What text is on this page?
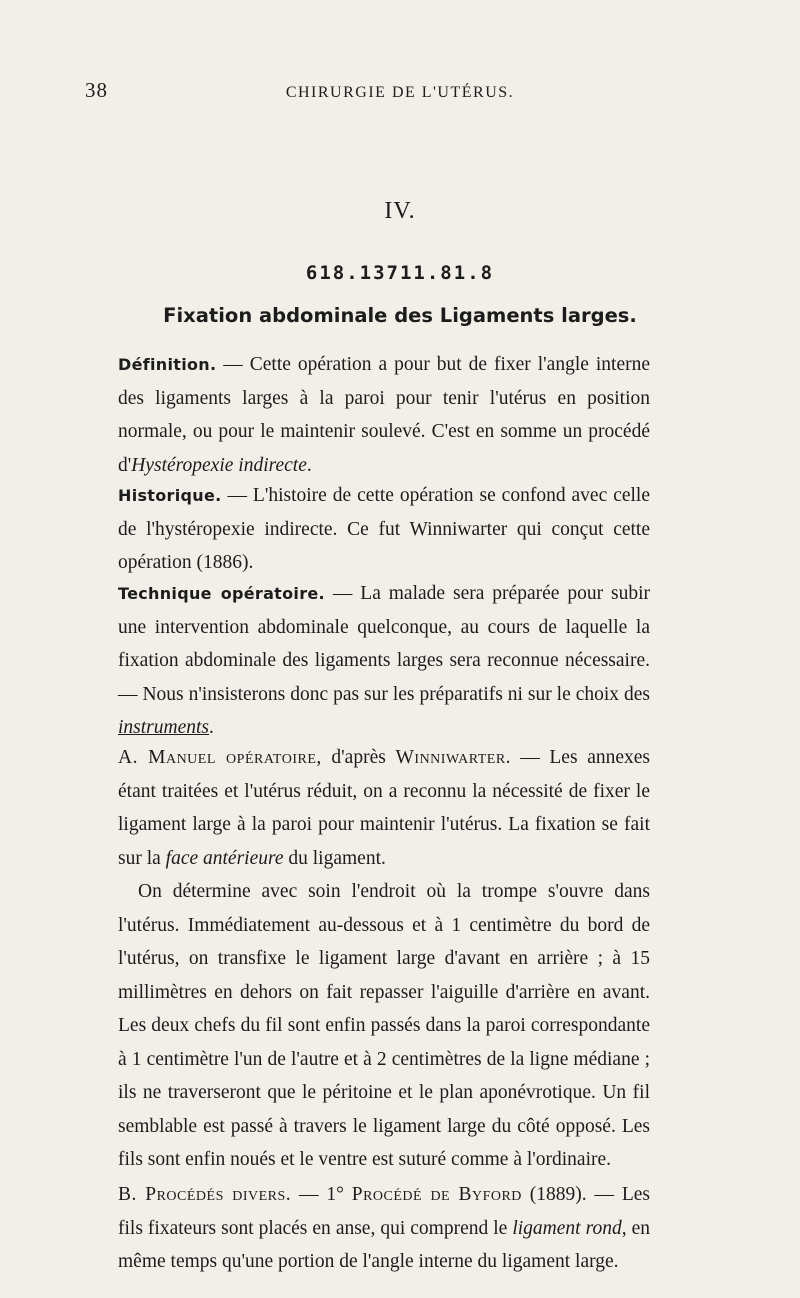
38	CHIRURGIE DE L'UTÉRUS.
IV.
618.13711.81.8
Fixation abdominale des Ligaments larges.

Définition. — Cette opération a pour but de fixer l'angle interne des ligaments larges à la paroi pour tenir l'utérus en position normale, ou pour le maintenir soulevé. C'est en somme un procédé d'Hystéropexie indirecte.

Historique. — L'histoire de cette opération se confond avec celle de l'hystéropexie indirecte. Ce fut Winniwarter qui conçut cette opération (1886).

Technique opératoire. — La malade sera préparée pour subir une intervention abdominale quelconque, au cours de laquelle la fixation abdominale des ligaments larges sera reconnue nécessaire. — Nous n'insisterons donc pas sur les préparatifs ni sur le choix des instruments.

A. Manuel opératoire, d'après Winniwarter. — Les annexes étant traitées et l'utérus réduit, on a reconnu la nécessité de fixer le ligament large à la paroi pour maintenir l'utérus. La fixation se fait sur la face antérieure du ligament.

On détermine avec soin l'endroit où la trompe s'ouvre dans l'utérus. Immédiatement au-dessous et à 1 centimètre du bord de l'utérus, on transfixe le ligament large d'avant en arrière ; à 15 millimètres en dehors on fait repasser l'aiguille d'arrière en avant. Les deux chefs du fil sont enfin passés dans la paroi correspondante à 1 centimètre l'un de l'autre et à 2 centimètres de la ligne médiane ; ils ne traverseront que le péritoine et le plan aponévrotique. Un fil semblable est passé à travers le ligament large du côté opposé. Les fils sont enfin noués et le ventre est suturé comme à l'ordinaire.

B. Procédés divers. — 1° Procédé de Byford (1889). — Les fils fixateurs sont placés en anse, qui comprend le ligament rond, en même temps qu'une portion de l'angle interne du ligament large.
